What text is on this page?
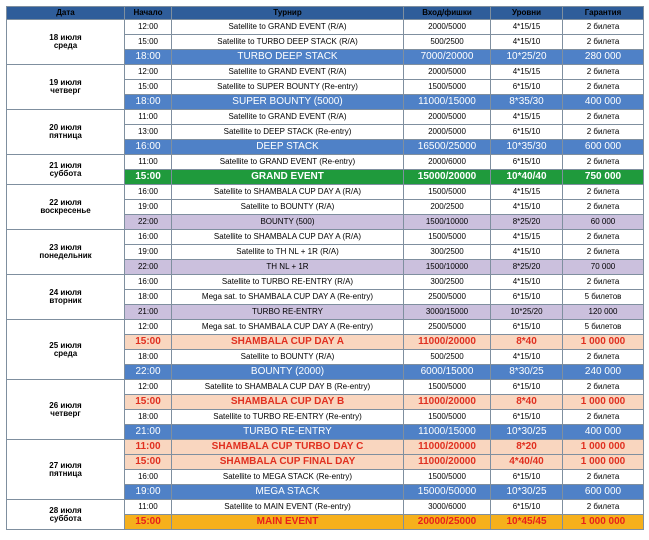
Дата	Начало	Турнир	Вход/фишки	Уровни	Гарантия

18 июля
среда	12:00	Satellite to GRAND EVENT (R/A)	2000/5000	4*15/15	2 билета
	15:00	Satellite to TURBO DEEP STACK (R/A)	500/2500	4*15/10	2 билета
	18:00	TURBO DEEP STACK	7000/20000	10*25/20	280 000

19 июля
четверг	12:00	Satellite to GRAND EVENT (R/A)	2000/5000	4*15/15	2 билета
	15:00	Satellite to SUPER BOUNTY (Re-entry)	1500/5000	6*15/10	2 билета
	18:00	SUPER BOUNTY (5000)	11000/15000	8*35/30	400 000

20 июля
пятница	11:00	Satellite to GRAND EVENT (R/A)	2000/5000	4*15/15	2 билета
	13:00	Satellite to DEEP STACK (Re-entry)	2000/5000	6*15/10	2 билета
	16:00	DEEP STACK	16500/25000	10*35/30	600 000

21 июля
суббота	11:00	Satellite to GRAND EVENT (Re-entry)	2000/6000	6*15/10	2 билета
	15:00	GRAND EVENT	15000/20000	10*40/40	750 000

22 июля
воскресенье	16:00	Satellite to SHAMBALA CUP DAY A (R/A)	1500/5000	4*15/15	2 билета
	19:00	Satellite to BOUNTY (R/A)	200/2500	4*15/10	2 билета
	22:00	BOUNTY (500)	1500/10000	8*25/20	60 000

23 июля
понедельник	16:00	Satellite to SHAMBALA CUP DAY A (R/A)	1500/5000	4*15/15	2 билета
	19:00	Satellite to TH NL + 1R (R/A)	300/2500	4*15/10	2 билета
	22:00	TH NL + 1R	1500/10000	8*25/20	70 000

24 июля
вторник	16:00	Satellite to TURBO RE-ENTRY (R/A)	300/2500	4*15/10	2 билета
	18:00	Mega sat. to SHAMBALA CUP DAY A (Re-entry)	2500/5000	6*15/10	5 билетов
	21:00	TURBO RE-ENTRY	3000/15000	10*25/20	120 000

25 июля
среда	12:00	Mega sat. to SHAMBALA CUP DAY A (Re-entry)	2500/5000	6*15/10	5 билетов
	15:00	SHAMBALA CUP DAY A	11000/20000	8*40	1 000 000
	18:00	Satellite to BOUNTY (R/A)	500/2500	4*15/10	2 билета
	22:00	BOUNTY (2000)	6000/15000	8*30/25	240 000

26 июля
четверг	12:00	Satellite to SHAMBALA CUP DAY B (Re-entry)	1500/5000	6*15/10	2 билета
	15:00	SHAMBALA CUP DAY B	11000/20000	8*40	1 000 000
	18:00	Satellite to TURBO RE-ENTRY (Re-entry)	1500/5000	6*15/10	2 билета
	21:00	TURBO RE-ENTRY	11000/15000	10*30/25	400 000

27 июля
пятница	11:00	SHAMBALA CUP TURBO DAY C	11000/20000	8*20	1 000 000
	15:00	SHAMBALA CUP FINAL DAY	11000/20000	4*40/40	1 000 000
	16:00	Satellite to MEGA STACK (Re-entry)	1500/5000	6*15/10	2 билета
	19:00	MEGA STACK	15000/50000	10*30/25	600 000

28 июля
суббота	11:00	Satellite to MAIN EVENT (Re-entry)	3000/6000	6*15/10	2 билета
	15:00	MAIN EVENT	20000/25000	10*45/45	1 000 000
